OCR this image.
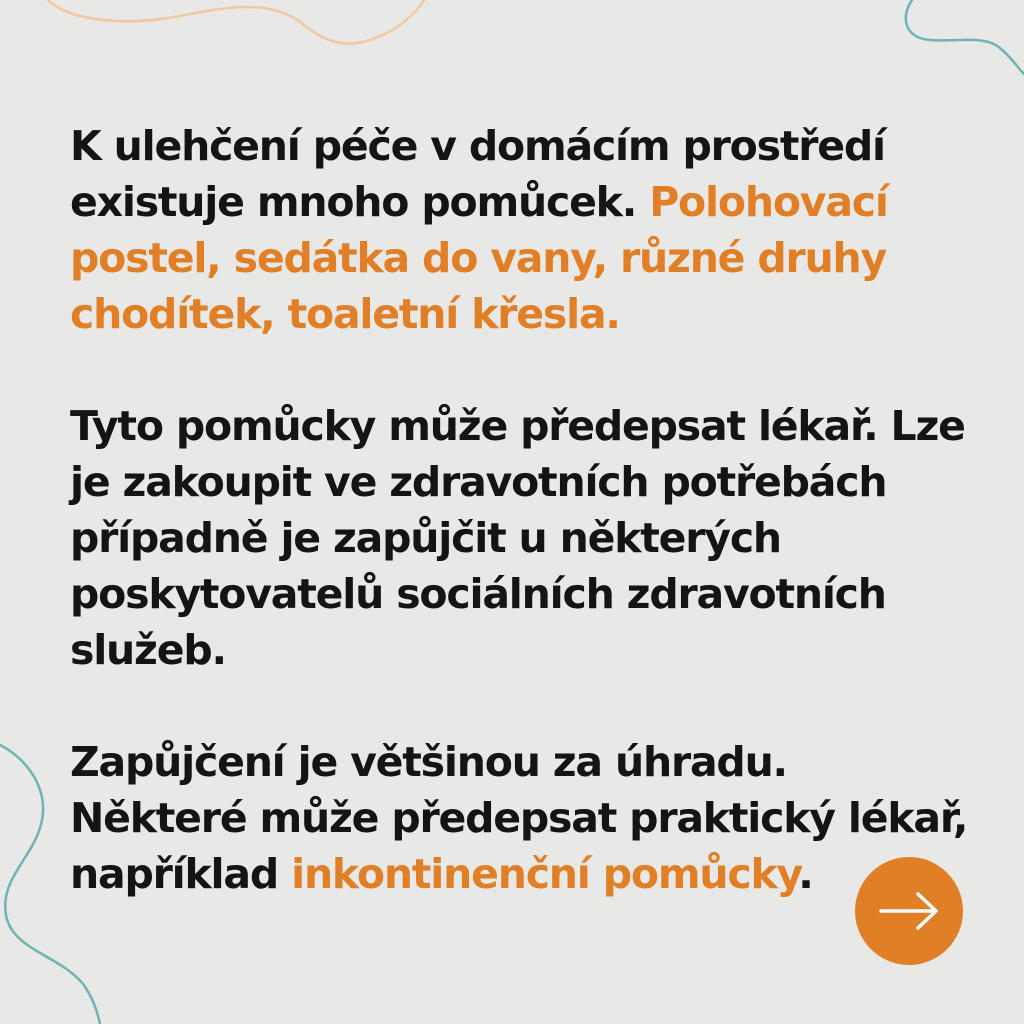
K ulehčení péče v domácím prostředí existuje mnoho pomůcek. Polohovací postel, sedátka do vany, různé druhy chodítek, toaletní křesla.

Tyto pomůcky může předepsat lékař. Lze je zakoupit ve zdravotních potřebách případně je zapůjčit u některých poskytovatelů sociálních zdravotních služeb.

Zapůjčení je většinou za úhradu. Některé může předepsat praktický lékař, například inkontinenční pomůcky.
